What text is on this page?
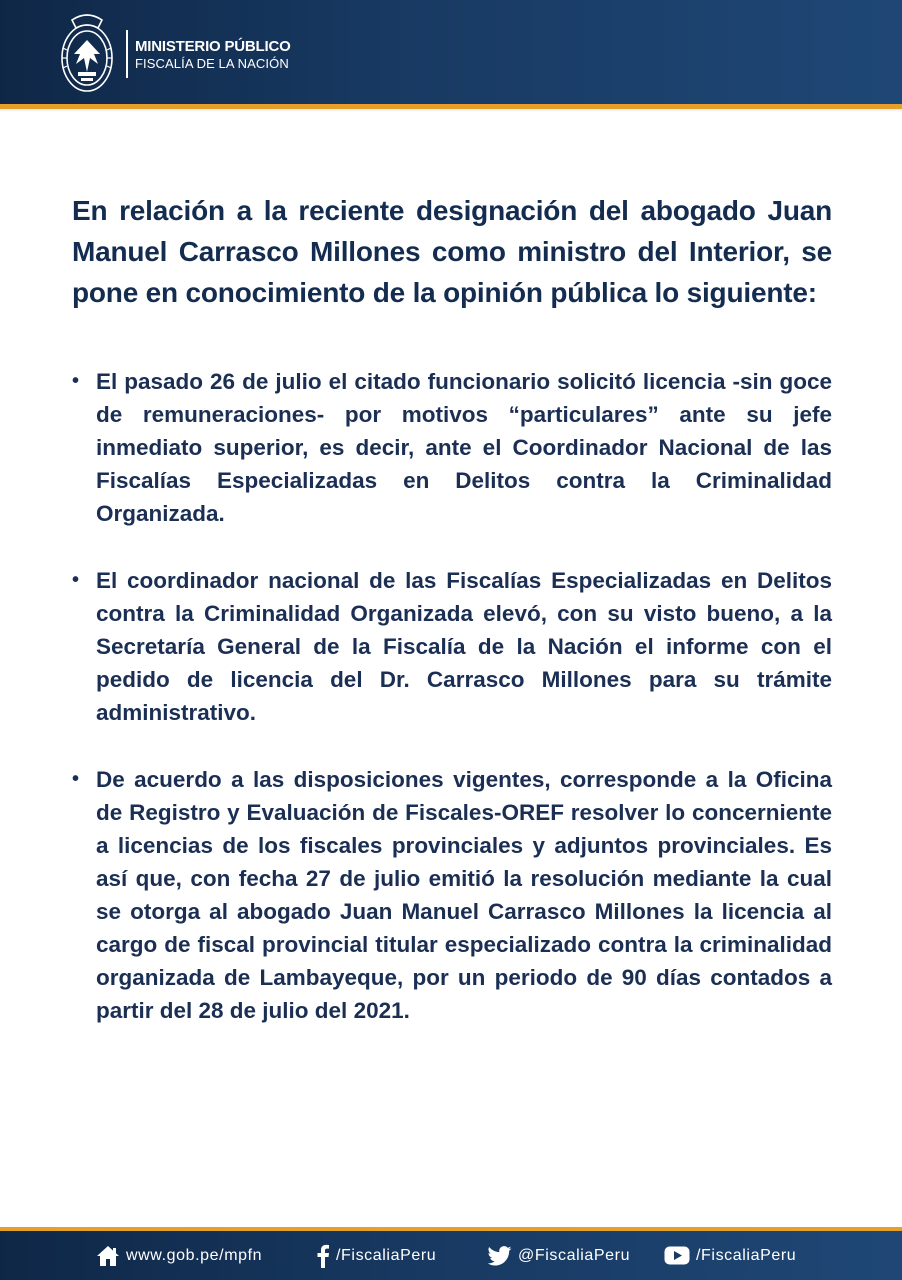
MINISTERIO PÚBLICO
FISCALÍA DE LA NACIÓN

En relación a la reciente designación del abogado Juan Manuel Carrasco Millones como ministro del Interior, se pone en conocimiento de la opinión pública lo siguiente:

• El pasado 26 de julio el citado funcionario solicitó licencia -sin goce de remuneraciones- por motivos “particulares” ante su jefe inmediato superior, es decir, ante el Coordinador Nacional de las Fiscalías Especializadas en Delitos contra la Criminalidad Organizada.
• El coordinador nacional de las Fiscalías Especializadas en Delitos contra la Criminalidad Organizada elevó, con su visto bueno, a la Secretaría General de la Fiscalía de la Nación el informe con el pedido de licencia del Dr. Carrasco Millones para su trámite administrativo.
• De acuerdo a las disposiciones vigentes, corresponde a la Oficina de Registro y Evaluación de Fiscales-OREF resolver lo concerniente a licencias de los fiscales provinciales y adjuntos provinciales. Es así que, con fecha 27 de julio emitió la resolución mediante la cual se otorga al abogado Juan Manuel Carrasco Millones la licencia al cargo de fiscal provincial titular especializado contra la criminalidad organizada de Lambayeque, por un periodo de 90 días contados a partir del 28 de julio del 2021.
www.gob.pe/mpfn	/FiscaliaPeru	@FiscaliaPeru	/FiscaliaPeru
